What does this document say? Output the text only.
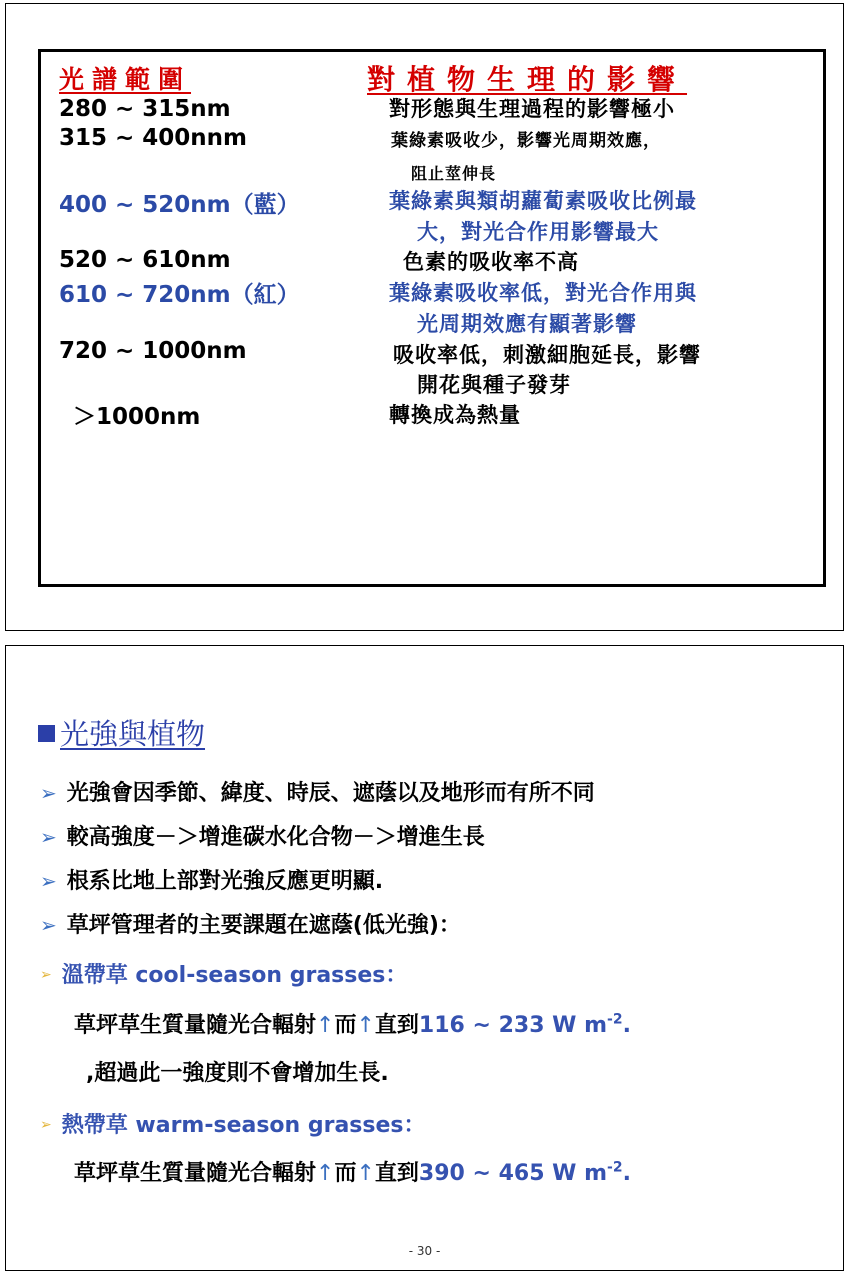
光譜範圍	對植物生理的影響
280 ~ 315nm	對形態與生理過程的影響極小
315 ~ 400nnm	葉綠素吸收少，影響光周期效應，
阻止莖伸長
400 ~ 520nm（藍）	葉綠素與類胡蘿蔔素吸收比例最
大，對光合作用影響最大
520 ~ 610nm	色素的吸收率不高
610 ~ 720nm（紅）	葉綠素吸收率低，對光合作用與
光周期效應有顯著影響
720 ~ 1000nm	吸收率低，刺激細胞延長，影響
開花與種子發芽
＞1000nm	轉換成為熱量
光強與植物
➢ 光強會因季節、緯度、時辰、遮蔭以及地形而有所不同
➢ 較高強度－＞增進碳水化合物－＞增進生長
➢ 根系比地上部對光強反應更明顯.
➢ 草坪管理者的主要課題在遮蔭(低光強)：
➢ 溫帶草 cool-season grasses：
草坪草生質量隨光合輻射↑而↑直到116 ~ 233 W $m^{-2}$.
,超過此一強度則不會增加生長.
➢ 熱帶草 warm-season grasses：
草坪草生質量隨光合輻射↑而↑直到390 ~ 465 W $m^{-2}$.
- 30 -
